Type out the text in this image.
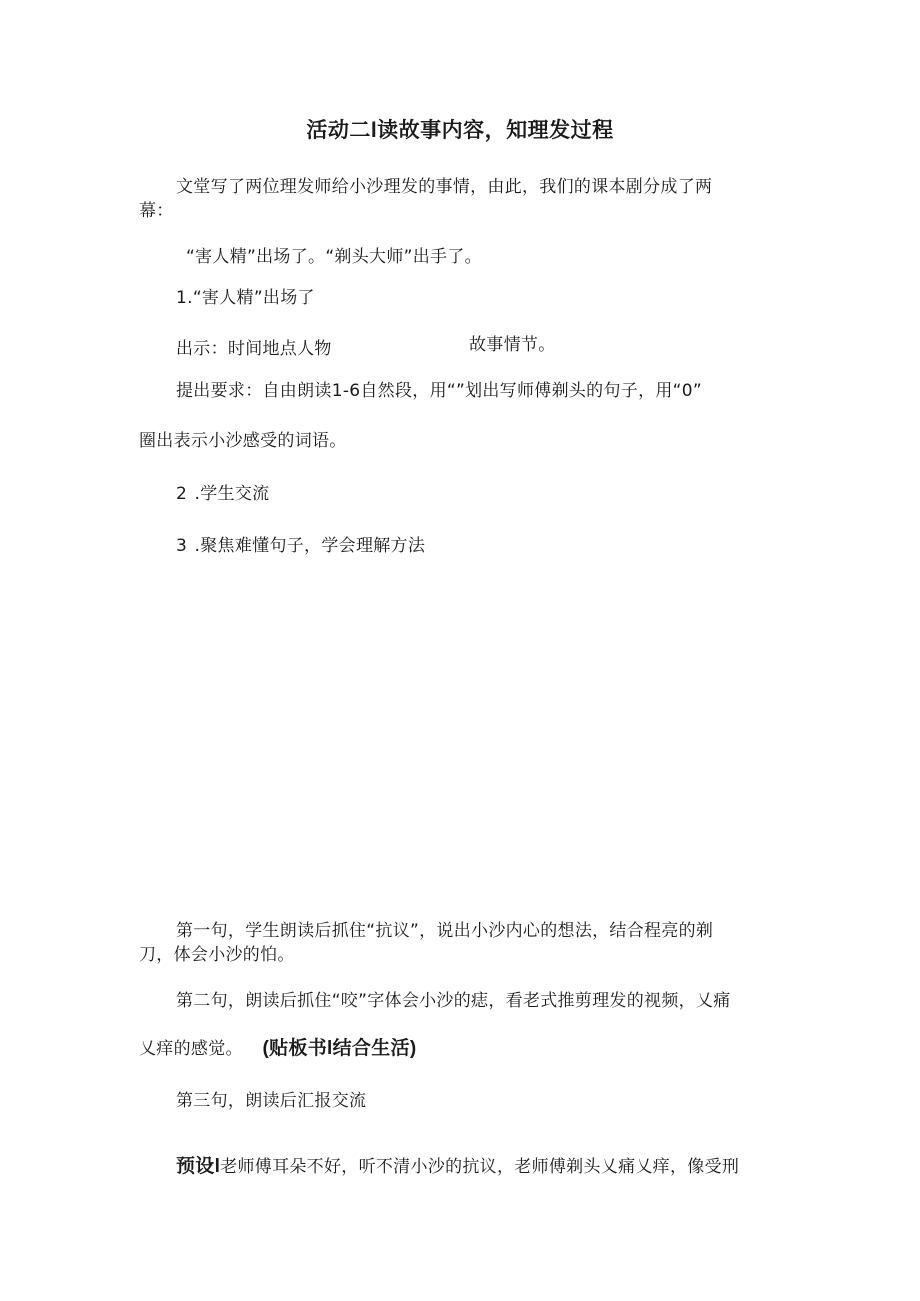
活动二l读故事内容，知理发过程
文堂写了两位理发师给小沙理发的事情，由此，我们的课本剧分成了两
幕：
“害人精”出场了。“剃头大师”出手了。
1.“害人精”出场了
出示：时间地点人物	故事情节。
提出要求：自由朗读1-6自然段，用“”划出写师傅剃头的句子，用“0”
圈出表示小沙感受的词语。
2 .学生交流
3 .聚焦难懂句子，学会理解方法
第一句，学生朗读后抓住“抗议”，说出小沙内心的想法，结合程亮的剃
刀，体会小沙的怕。
第二句，朗读后抓住“咬”字体会小沙的痣，看老式推剪理发的视频，乂痛
乂痒的感觉。 (贴板书l结合生活)
第三句，朗读后汇报交流
预设l老师傅耳朵不好，听不清小沙的抗议，老师傅剃头乂痛乂痒，像受刑
